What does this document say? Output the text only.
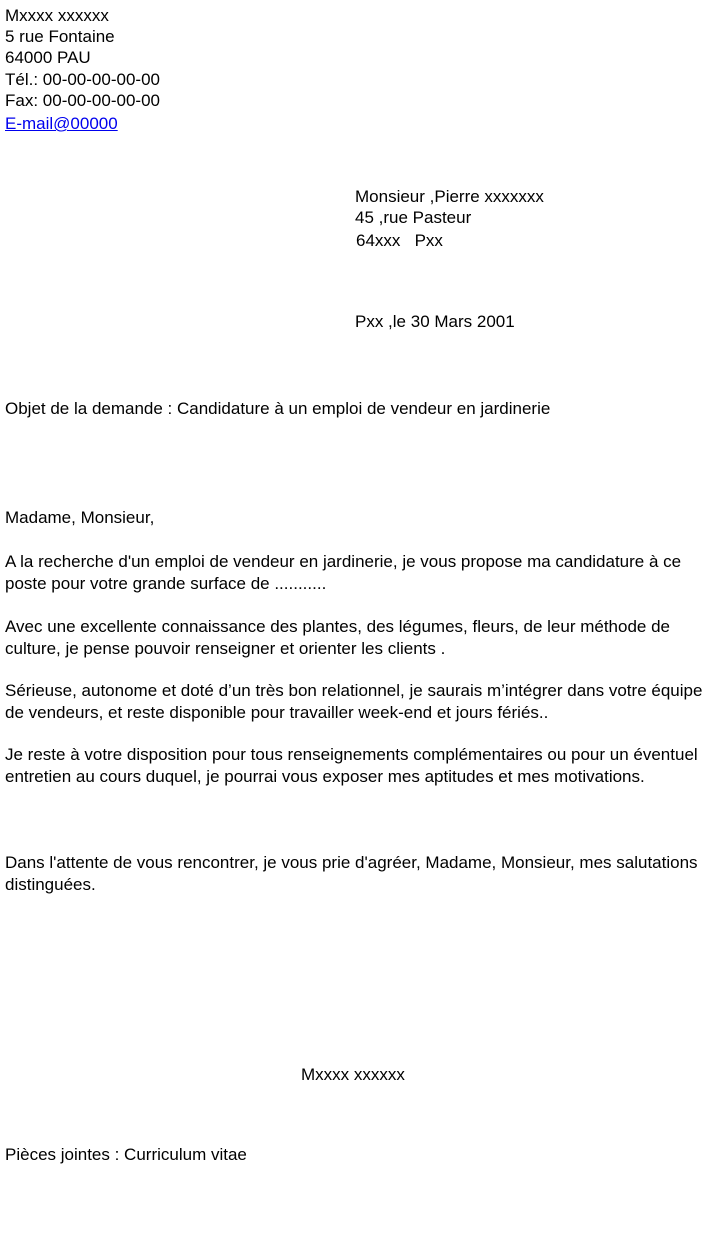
Mxxxx xxxxxx
5 rue Fontaine
64000 PAU
Tél.: 00-00-00-00-00
Fax: 00-00-00-00-00
E-mail@00000
Monsieur ,Pierre xxxxxxx
45 ,rue Pasteur
64xxx   Pxx
Pxx ,le 30 Mars 2001
Objet de la demande : Candidature à un emploi de vendeur en jardinerie
Madame, Monsieur,
A la recherche d'un emploi de vendeur en jardinerie, je vous propose ma candidature à ce poste pour votre grande surface de ...........
Avec une excellente connaissance des plantes, des légumes, fleurs, de leur méthode de culture, je pense pouvoir renseigner et orienter les clients .
Sérieuse, autonome et doté d’un très bon relationnel, je saurais m’intégrer dans votre équipe de vendeurs, et reste disponible pour travailler week-end et jours fériés..
Je reste à votre disposition pour tous renseignements complémentaires ou pour un éventuel entretien au cours duquel, je pourrai vous exposer mes aptitudes et mes motivations.
Dans l'attente de vous rencontrer, je vous prie d'agréer, Madame, Monsieur, mes salutations distinguées.
Mxxxx xxxxxx
Pièces jointes : Curriculum vitae
